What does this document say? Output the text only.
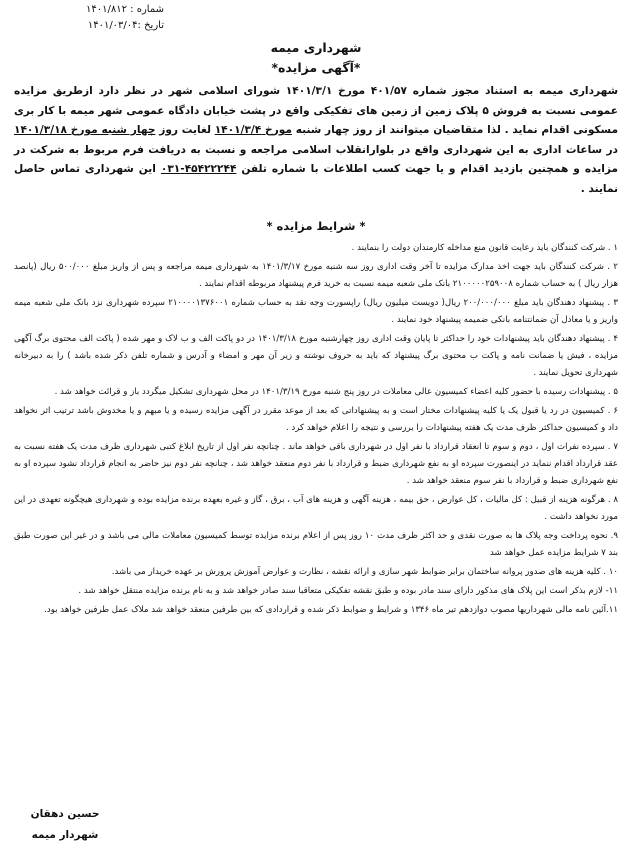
شماره : ۱۴۰۱/۸۱۲
تاریخ :۱۴۰۱/۰۳/۰۴
شهرداری میمه
*آگهی مزایده*
شهرداری میمه به استناد مجوز شماره ۴۰۱/۵۷ مورخ ۱۴۰۱/۳/۱ شورای اسلامی شهر در نظر دارد ازطریق مزایده عمومی نسبت به فروش ۵ پلاک زمین از زمین های تفکیکی واقع در پشت خیابان دادگاه عمومی شهر میمه با کار بری مسکونی اقدام نماید . لذا متقاضیان میتوانند از روز چهار شنبه مورخ ۱۴۰۱/۳/۴ لغایت روز چهار شنبه مورخ ۱۴۰۱/۳/۱۸ در ساعات اداری به این شهرداری واقع در بلوارانقلاب اسلامی مراجعه و نسبت به دریافت فرم مربوط به شرکت در مزایده و همچنین بازدید اقدام و یا جهت کسب اطلاعات با شماره تلفن ۴۵۴۲۲۲۴۴-۰۳۱ این شهرداری تماس حاصل نمایند .
* شرایط مزایده *
۱ . شرکت کنندگان باید رعایت قانون منع مداخله کارمندان دولت را بنمایند .
۲ . شرکت کنندگان باید جهت اخذ مدارک مزایده تا آخر وقت اداری روز سه شنبه مورخ ۱۴۰۱/۳/۱۷ به شهرداری میمه مراجعه و پس از واریز مبلغ ۵۰۰/۰۰۰ ریال (پانصد هزار ریال ) به حساب شماره ۲۱۰۰۰۰۰۲۵۹۰۰۸ بانک ملی شعبه میمه نسبت به خرید فرم پیشنهاد مربوطه اقدام نمایند .
۳ . پیشنهاد دهندگان باید مبلغ ۲۰۰/۰۰۰/۰۰۰ ریال( دویست میلیون ریال) راپسورت وجه نقد به حساب شماره ۲۱۰۰۰۰۱۳۷۶۰۰۱ سپرده شهرداری نزد بانک ملی شعبه میمه واریز و یا معادل آن ضمانتنامه بانکی ضمیمه پیشنهاد خود نمایند .
۴ . پیشنهاد دهندگان باید پیشنهادات خود را حداکثر تا پایان وقت اداری روز چهارشنبه مورخ ۱۴۰۱/۳/۱۸ در دو پاکت الف و ب لاک و مهر شده ( پاکت الف محتوی برگ آگهی مزایده ، فیش یا ضمانت نامه و پاکت ب محتوی برگ پیشنهاد که باید به حروف نوشته و زیر آن مهر و امضاء و آدرس و شماره تلفن ذکر شده باشد ) را به دبیرخانه شهرداری تحویل نمایند .
۵ . پیشنهادات رسیده با حضور کلیه اعضاء کمیسیون عالی معاملات در روز پنج شنبه مورخ ۱۴۰۱/۳/۱۹ در محل شهرداری تشکیل میگردد باز و قرائت خواهد شد .
۶ . کمیسیون در رد یا قبول یک یا کلیه پیشنهادات مختار است و به پیشنهاداتی که بعد از موعد مقرر در آگهی مزایده رسیده و یا مبهم و یا مخدوش باشد ترتیب اثر نخواهد داد و کمیسیون حداکثر ظرف مدت یک هفته پیشنهادات را بررسی و نتیجه را اعلام خواهد کرد .
۷ . سپرده نفرات اول ، دوم و سوم تا انعقاد قرارداد با نفر اول در شهرداری باقی خواهد ماند . چنانچه نفر اول از تاریخ ابلاغ کتبی شهرداری ظرف مدت یک هفته نسبت به عقد قرارداد اقدام ننماید در اینصورت سپرده او به نفع شهرداری ضبط و قرارداد با نفر دوم منعقد خواهد شد ، چنانچه نفر دوم نیز حاضر به انجام قرارداد نشود سپرده او به نفع شهرداری ضبط و قرارداد با نفر سوم منعقد خواهد شد .
۸ . هرگونه هزینه از قبیل : کل مالیات ، کل عوارض ، حق بیمه ، هزینه آگهی و هزینه های آب ، برق ، گاز و غیره بعهده برنده مزایده بوده و شهرداری هیچگونه تعهدی در این مورد نخواهد داشت .
۹. نحوه پرداخت وجه پلاک ها به صورت نقدی و حد اکثر ظرف مدت ۱۰ روز پس از اعلام برنده مزایده توسط کمیسیون معاملات مالی می باشد و در غیر این صورت طبق بند ۷ شرایط مزایده عمل خواهد شد
۱۰ . کلیه هزینه های صدور پروانه ساختمان برابر ضوابط شهر سازی و ارائه نقشه ، نظارت و عوارض آموزش پرورش بر عهده خریدار می باشد.
۱۱- لازم بذکر است این پلاک های مذکور دارای سند مادر بوده و طبق نقشه تفکیکی متعاقبا سند صادر خواهد شد و به نام برنده مزایده منتقل خواهد شد .
۱۱.آئین نامه مالی شهرداریها مصوب دوازدهم تیر ماه ۱۳۴۶ و شرایط و ضوابط ذکر شده و قراردادی که بین طرفین منعقد خواهد شد ملاک عمل طرفین خواهد بود.
حسین دهقان
شهردار میمه
